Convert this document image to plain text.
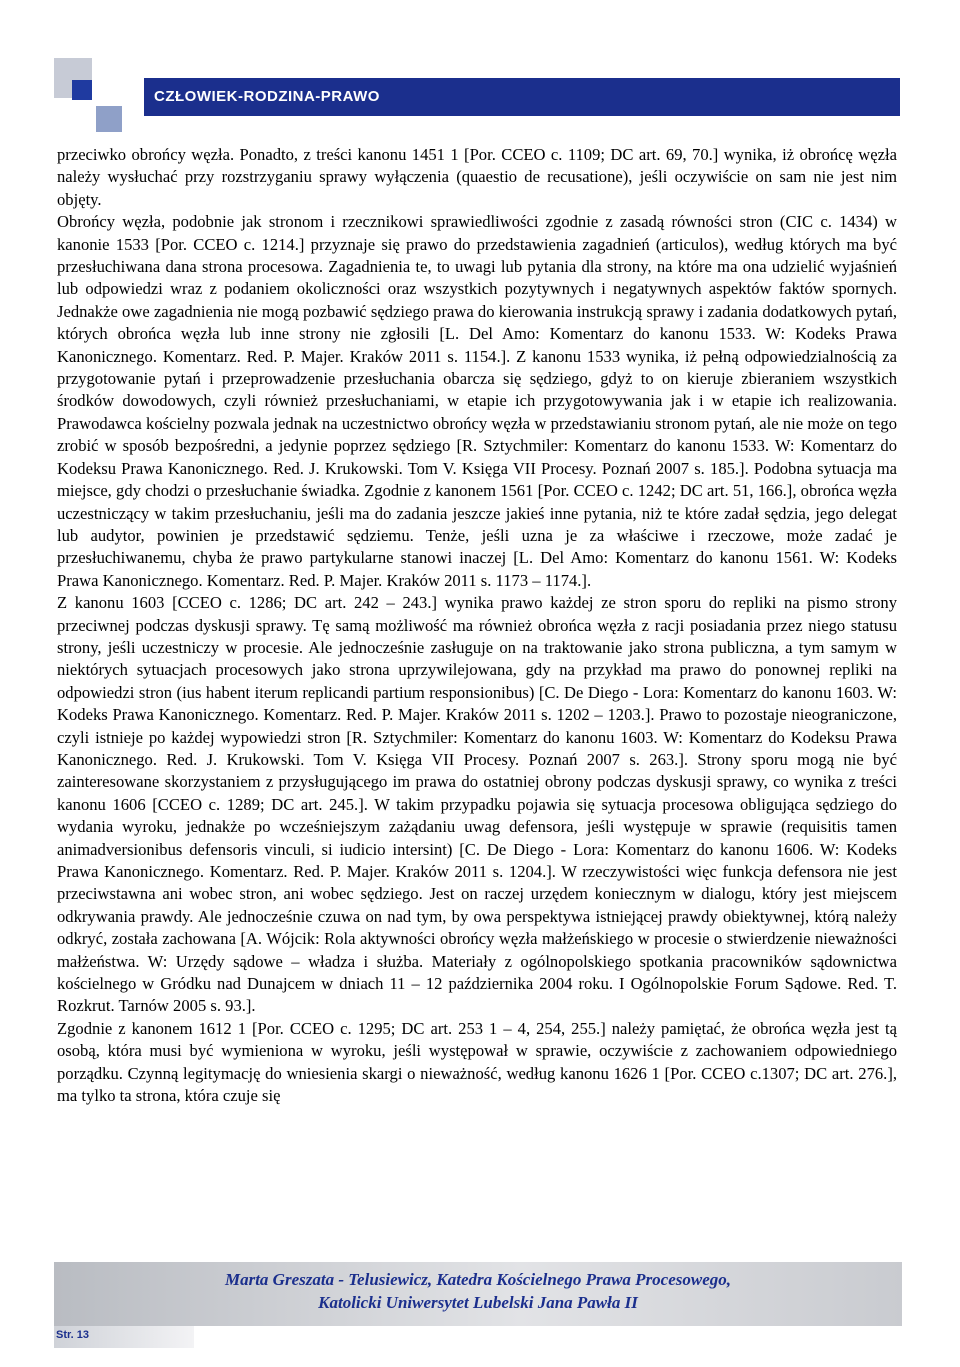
CZŁOWIEK-RODZINA-PRAWO

przeciwko obrońcy węzła. Ponadto, z treści kanonu 1451 1 [Por. CCEO c. 1109; DC art. 69, 70.] wynika, iż obrońcę węzła należy wysłuchać przy rozstrzyganiu sprawy wyłączenia (quaestio de recusatione), jeśli oczywiście on sam nie jest nim objęty.

Obrońcy węzła, podobnie jak stronom i rzecznikowi sprawiedliwości zgodnie z zasadą równości stron (CIC c. 1434) w kanonie 1533 [Por. CCEO c. 1214.] przyznaje się prawo do przedstawienia zagadnień (articulos), według których ma być przesłuchiwana dana strona procesowa. Zagadnienia te, to uwagi lub pytania dla strony, na które ma ona udzielić wyjaśnień lub odpowiedzi wraz z podaniem okoliczności oraz wszystkich pozytywnych i negatywnych aspektów faktów spornych. Jednakże owe zagadnienia nie mogą pozbawić sędziego prawa do kierowania instrukcją sprawy i zadania dodatkowych pytań, których obrońca węzła lub inne strony nie zgłosili [L. Del Amo: Komentarz do kanonu 1533. W: Kodeks Prawa Kanonicznego. Komentarz. Red. P. Majer. Kraków 2011 s. 1154.]. Z kanonu 1533 wynika, iż pełną odpowiedzialnością za przygotowanie pytań i przeprowadzenie przesłuchania obarcza się sędziego, gdyż to on kieruje zbieraniem wszystkich środków dowodowych, czyli również przesłuchaniami, w etapie ich przygotowywania jak i w etapie ich realizowania. Prawodawca kościelny pozwala jednak na uczestnictwo obrońcy węzła w przedstawianiu stronom pytań, ale nie może on tego zrobić w sposób bezpośredni, a jedynie poprzez sędziego [R. Sztychmiler: Komentarz do kanonu 1533. W: Komentarz do Kodeksu Prawa Kanonicznego. Red. J. Krukowski. Tom V. Księga VII Procesy. Poznań 2007 s. 185.]. Podobna sytuacja ma miejsce, gdy chodzi o przesłuchanie świadka. Zgodnie z kanonem 1561 [Por. CCEO c. 1242; DC art. 51, 166.], obrońca węzła uczestniczący w takim przesłuchaniu, jeśli ma do zadania jeszcze jakieś inne pytania, niż te które zadał sędzia, jego delegat lub audytor, powinien je przedstawić sędziemu. Tenże, jeśli uzna je za właściwe i rzeczowe, może zadać je przesłuchiwanemu, chyba że prawo partykularne stanowi inaczej [L. Del Amo: Komentarz do kanonu 1561. W: Kodeks Prawa Kanonicznego. Komentarz. Red. P. Majer. Kraków 2011 s. 1173 – 1174.].

Z kanonu 1603 [CCEO c. 1286; DC art. 242 – 243.] wynika prawo każdej ze stron sporu do repliki na pismo strony przeciwnej podczas dyskusji sprawy. Tę samą możliwość ma również obrońca węzła z racji posiadania przez niego statusu strony, jeśli uczestniczy w procesie. Ale jednocześnie zasługuje on na traktowanie jako strona publiczna, a tym samym w niektórych sytuacjach procesowych jako strona uprzywilejowana, gdy na przykład ma prawo do ponownej repliki na odpowiedzi stron (ius habent iterum replicandi partium responsionibus) [C. De Diego - Lora: Komentarz do kanonu 1603. W: Kodeks Prawa Kanonicznego. Komentarz. Red. P. Majer. Kraków 2011 s. 1202 – 1203.]. Prawo to pozostaje nieograniczone, czyli istnieje po każdej wypowiedzi stron [R. Sztychmiler: Komentarz do kanonu 1603. W: Komentarz do Kodeksu Prawa Kanonicznego. Red. J. Krukowski. Tom V. Księga VII Procesy. Poznań 2007 s. 263.]. Strony sporu mogą nie być zainteresowane skorzystaniem z przysługującego im prawa do ostatniej obrony podczas dyskusji sprawy, co wynika z treści kanonu 1606 [CCEO c. 1289; DC art. 245.]. W takim przypadku pojawia się sytuacja procesowa obligująca sędziego do wydania wyroku, jednakże po wcześniejszym zażądaniu uwag defensora, jeśli występuje w sprawie (requisitis tamen animadversionibus defensoris vinculi, si iudicio intersint) [C. De Diego - Lora: Komentarz do kanonu 1606. W: Kodeks Prawa Kanonicznego. Komentarz. Red. P. Majer. Kraków 2011 s. 1204.]. W rzeczywistości więc funkcja defensora nie jest przeciwstawna ani wobec stron, ani wobec sędziego. Jest on raczej urzędem koniecznym w dialogu, który jest miejscem odkrywania prawdy. Ale jednocześnie czuwa on nad tym, by owa perspektywa istniejącej prawdy obiektywnej, którą należy odkryć, została zachowana [A. Wójcik: Rola aktywności obrońcy węzła małżeńskiego w procesie o stwierdzenie nieważności małżeństwa. W: Urzędy sądowe – władza i służba. Materiały z ogólnopolskiego spotkania pracowników sądownictwa kościelnego w Gródku nad Dunajcem w dniach 11 – 12 października 2004 roku. I Ogólnopolskie Forum Sądowe. Red. T. Rozkrut. Tarnów 2005 s. 93.].

Zgodnie z kanonem 1612 1 [Por. CCEO c. 1295; DC art. 253 1 – 4, 254, 255.] należy pamiętać, że obrońca węzła jest tą osobą, która musi być wymieniona w wyroku, jeśli występował w sprawie, oczywiście z zachowaniem odpowiedniego porządku. Czynną legitymację do wniesienia skargi o nieważność, według kanonu 1626 1 [Por. CCEO c.1307; DC art. 276.], ma tylko ta strona, która czuje się

Marta Greszata - Telusiewicz, Katedra Kościelnego Prawa Procesowego,
Katolicki Uniwersytet Lubelski Jana Pawła II
Str. 13
